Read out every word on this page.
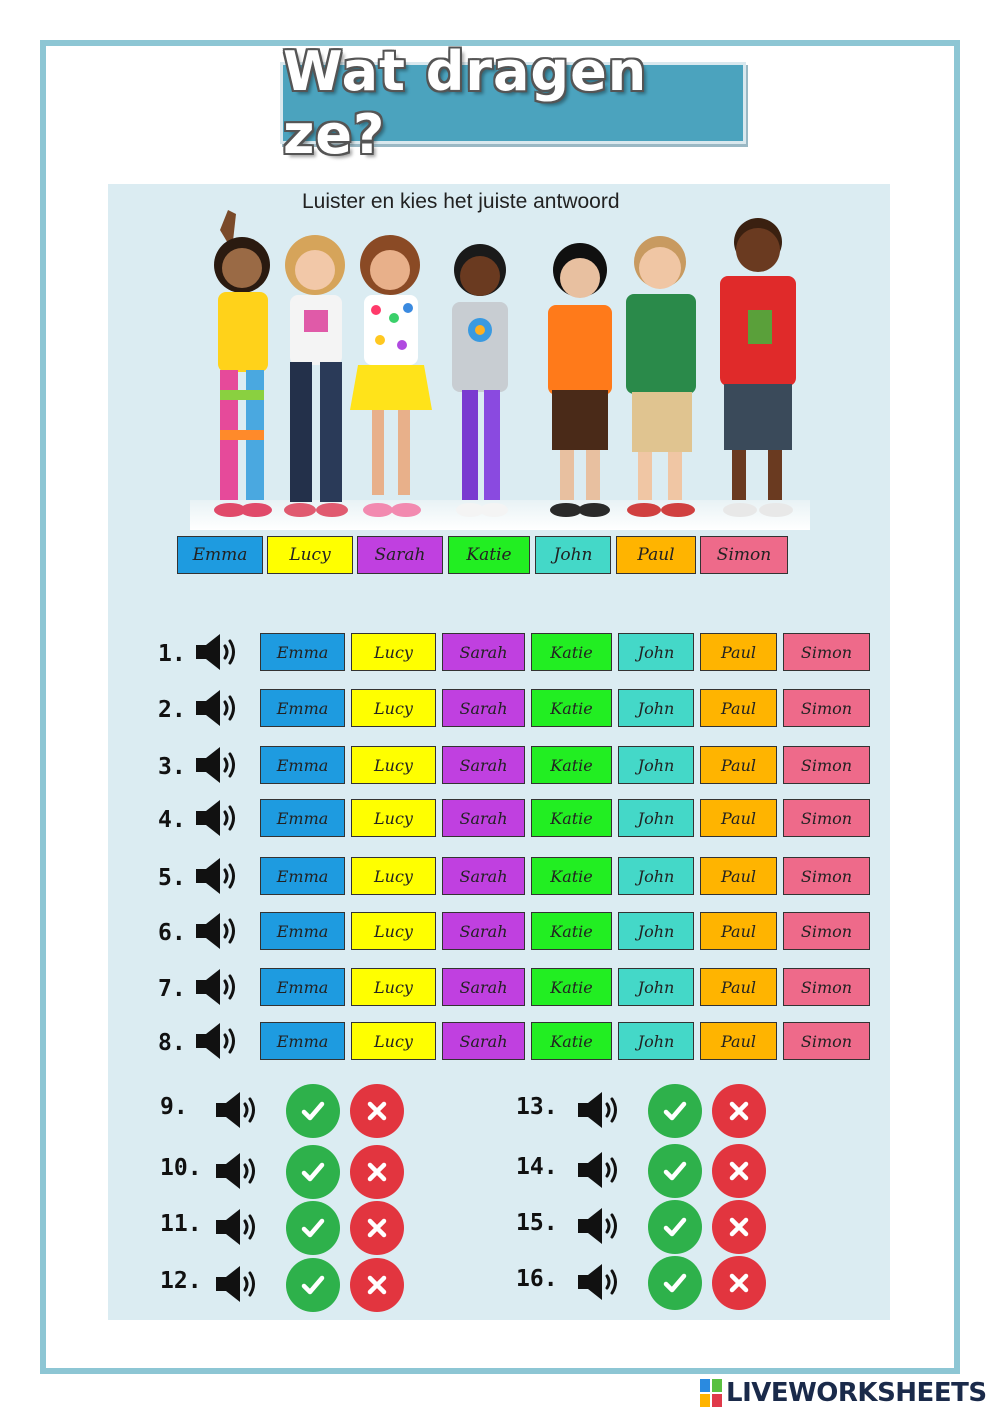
Wat dragen ze?
Luister en kies het juiste antwoord
Emma	Lucy	Sarah	Katie	John	Paul	Simon
1.	Emma	Lucy	Sarah	Katie	John	Paul	Simon
2.	Emma	Lucy	Sarah	Katie	John	Paul	Simon
3.	Emma	Lucy	Sarah	Katie	John	Paul	Simon
4.	Emma	Lucy	Sarah	Katie	John	Paul	Simon
5.	Emma	Lucy	Sarah	Katie	John	Paul	Simon
6.	Emma	Lucy	Sarah	Katie	John	Paul	Simon
7.	Emma	Lucy	Sarah	Katie	John	Paul	Simon
8.	Emma	Lucy	Sarah	Katie	John	Paul	Simon
9.
10.
11.
12.
13.
14.
15.
16.
LIVEWORKSHEETS
